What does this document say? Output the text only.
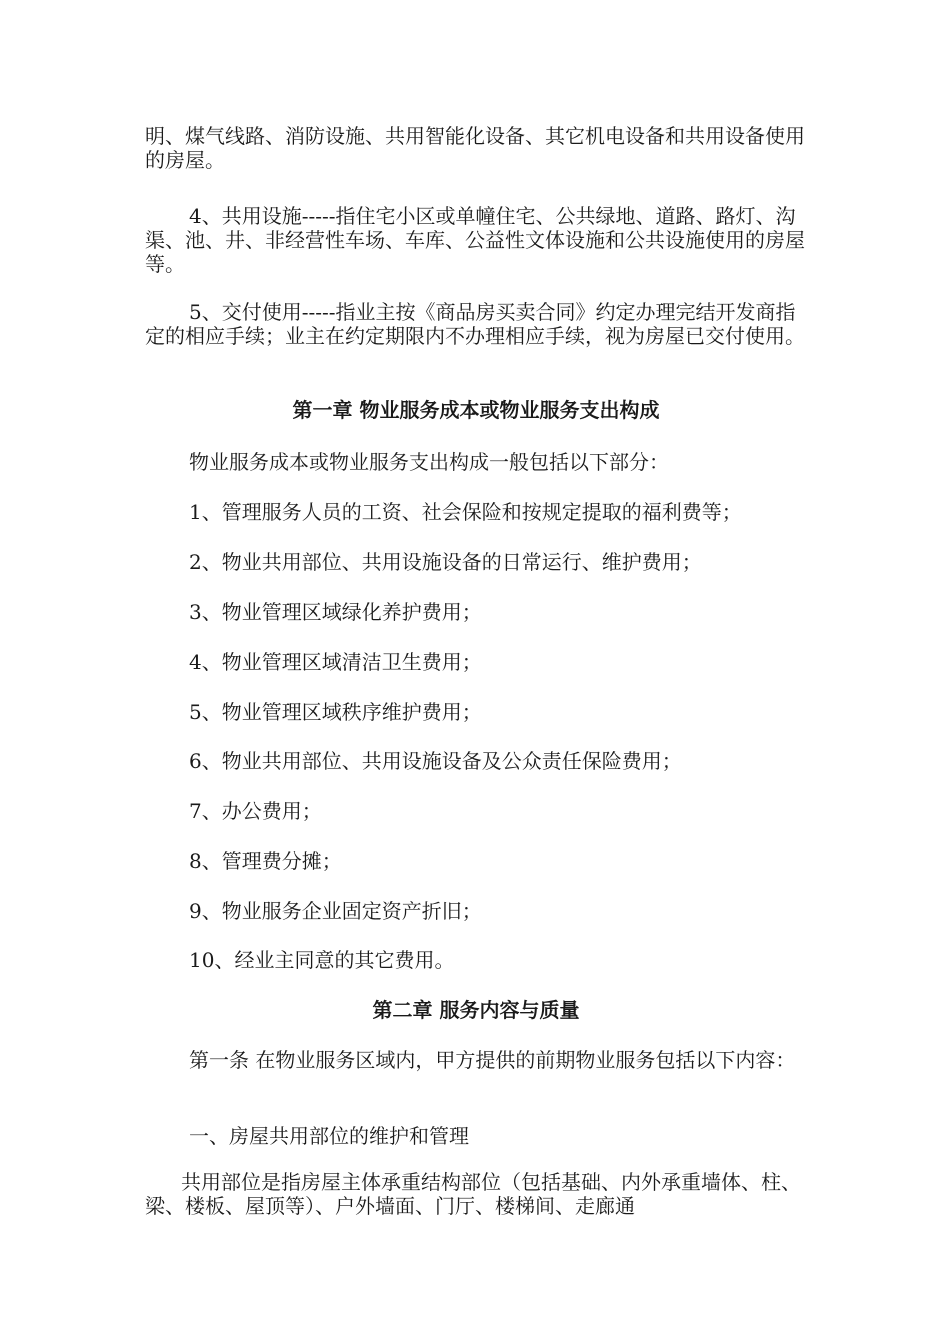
明、煤气线路、消防设施、共用智能化设备、其它机电设备和共用设备使用的房屋。

4、共用设施-----指住宅小区或单幢住宅、公共绿地、道路、路灯、沟渠、池、井、非经营性车场、车库、公益性文体设施和公共设施使用的房屋等。

5、交付使用-----指业主按《商品房买卖合同》约定办理完结开发商指定的相应手续；业主在约定期限内不办理相应手续，视为房屋已交付使用。

第一章 物业服务成本或物业服务支出构成

物业服务成本或物业服务支出构成一般包括以下部分：

1、管理服务人员的工资、社会保险和按规定提取的福利费等；

2、物业共用部位、共用设施设备的日常运行、维护费用；

3、物业管理区域绿化养护费用；

4、物业管理区域清洁卫生费用；

5、物业管理区域秩序维护费用；

6、物业共用部位、共用设施设备及公众责任保险费用；

7、办公费用；

8、管理费分摊；

9、物业服务企业固定资产折旧；

10、经业主同意的其它费用。

第二章 服务内容与质量

第一条 在物业服务区域内，甲方提供的前期物业服务包括以下内容：

一、房屋共用部位的维护和管理

共用部位是指房屋主体承重结构部位（包括基础、内外承重墙体、柱、梁、楼板、屋顶等）、户外墙面、门厅、楼梯间、走廊通
